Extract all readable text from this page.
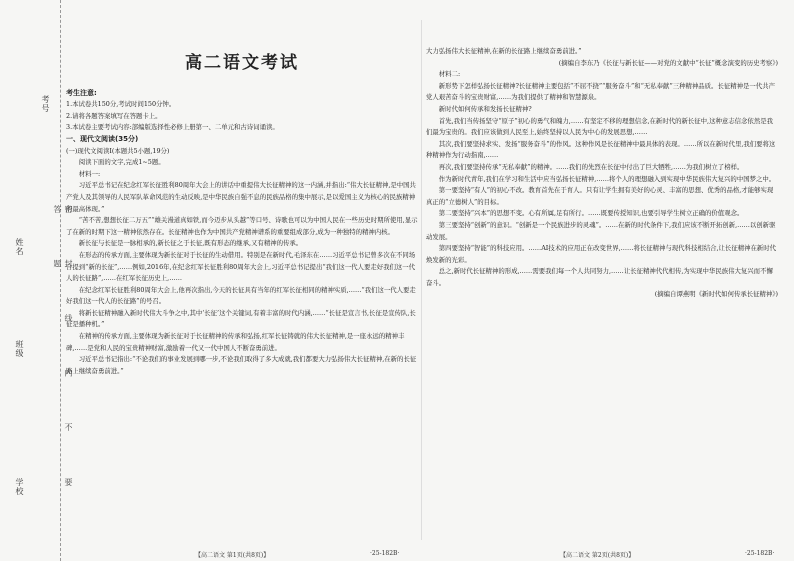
考号
姓名
班级
学校	密 封 线 内 不 要 答 题
高二语文考试

考生注意:

1.本试卷共150分,考试时间150分钟。

2.请将各题答案填写在答题卡上。

3.本试卷主要考试内容:部编版选择性必修上册第一、二单元和古诗词诵读。

一、现代文阅读(35分)

(一)现代文阅读Ⅰ(本题共5小题,19分)

阅读下面的文字,完成1~5题。

材料一:

习近平总书记在纪念红军长征胜利80周年大会上的讲话中重提伟大长征精神的这一内涵,并指出:“伟大长征精神,是中国共产党人及其领导的人民军队革命风范的生动反映,是中华民族自强不息的民族品格的集中展示,是以爱国主义为核心的民族精神的最高体现。”

“苦不苦,想想长征二万五”“雄关漫道真如铁,而今迈步从头越”等口号、诗歌也可以为中国人民在一些历史时期所使用,显示了在新的时期下这一精神依然存在。长征精神也作为中国共产党精神谱系的重要组成部分,成为一种独特的精神内核。

新长征与长征是一脉相承的,新长征之于长征,既有形态的继承,又有精神的传承。

在形态的传承方面,主要体现为新长征对于长征的生动借用。特别是在新时代,毛泽东在……习近平总书记曾多次在不同场合提到“新的长征”,……例如,2016年,在纪念红军长征胜利80周年大会上,习近平总书记提出“我们这一代人要走好我们这一代人的长征路”,……在红军长征历史上,……

在纪念红军长征胜利80周年大会上,他再次指出,今天的长征具有当年的红军长征相同的精神实质,……“我们这一代人要走好我们这一代人的长征路”的号召。

将新长征精神融入新时代伟大斗争之中,其中‘长征’这个关键词,有着丰富的时代内涵,……“长征是宣言书,长征是宣传队,长征是播种机。”

在精神的传承方面,主要体现为新长征对于长征精神的传承和弘扬,红军长征铸就的伟大长征精神,是一座永远的精神丰碑,……是党和人民的宝贵精神财富,激励着一代又一代中国人不断奋勇前进。

习近平总书记指出:“不论我们的事业发展到哪一步,不论我们取得了多大成就,我们都要大力弘扬伟大长征精神,在新的长征路上继续奋勇前进。”

大力弘扬伟大长征精神,在新的长征路上继续奋勇前进。”

(摘编自李东乃《长征与新长征——对党的文献中“长征”概念演变的历史考察》)

材料二:

新形势下怎样弘扬长征精神?长征精神主要包括“不屈不挠”“服务奋斗”和“无私奉献”三种精神品质。长征精神是一代共产党人艰苦奋斗的宝贵财富,……为我们提供了精神和智慧源泉。

新时代如何传承和发扬长征精神?

首先,我们当传扬坚守“原子”初心的勇气和魄力,……有坚定不移的理想信念,在新时代的新长征中,这种意志信念依然是我们最为宝贵的。我们应该做到人民至上,始终坚持以人民为中心的发展思想,……

其次,我们要坚持求实、发扬“服务奋斗”的作风。这种作风是长征精神中最具体的表现。……所以在新时代里,我们要将这种精神作为行动指南,……

再次,我们要坚持传承“无私奉献”的精神。……我们的先烈在长征中付出了巨大牺牲,……为我们树立了榜样。

作为新时代青年,我们在学习和生活中应当弘扬长征精神,……将个人的理想融入到实现中华民族伟大复兴的中国梦之中。

第一要坚持“有人”的初心不改。教育首先在于育人。只有让学生拥有美好的心灵、丰富的思想、优秀的品格,才能够实现真正的“立德树人”的目标。

第二要坚持“兴本”的思想不变。心有所属,足有所行。……既要传授知识,也要引导学生树立正确的价值观念。

第三要坚持“创新”的意识。“创新是一个民族进步的灵魂”。……在新的时代条件下,我们应该不断开拓创新,……以创新驱动发展。

第四要坚持“智能”的科技应用。……AI技术的应用正在改变世界,……将长征精神与现代科技相结合,让长征精神在新时代焕发新的光彩。

总之,新时代长征精神的形成,……需要我们每一个人共同努力,……让长征精神代代相传,为实现中华民族伟大复兴而不懈奋斗。

(摘编自谭燕明《新时代如何传承长征精神》)

【高二语文 第1页(共8页)】	·25-182B·	【高二语文 第2页(共8页)】	·25-182B·
